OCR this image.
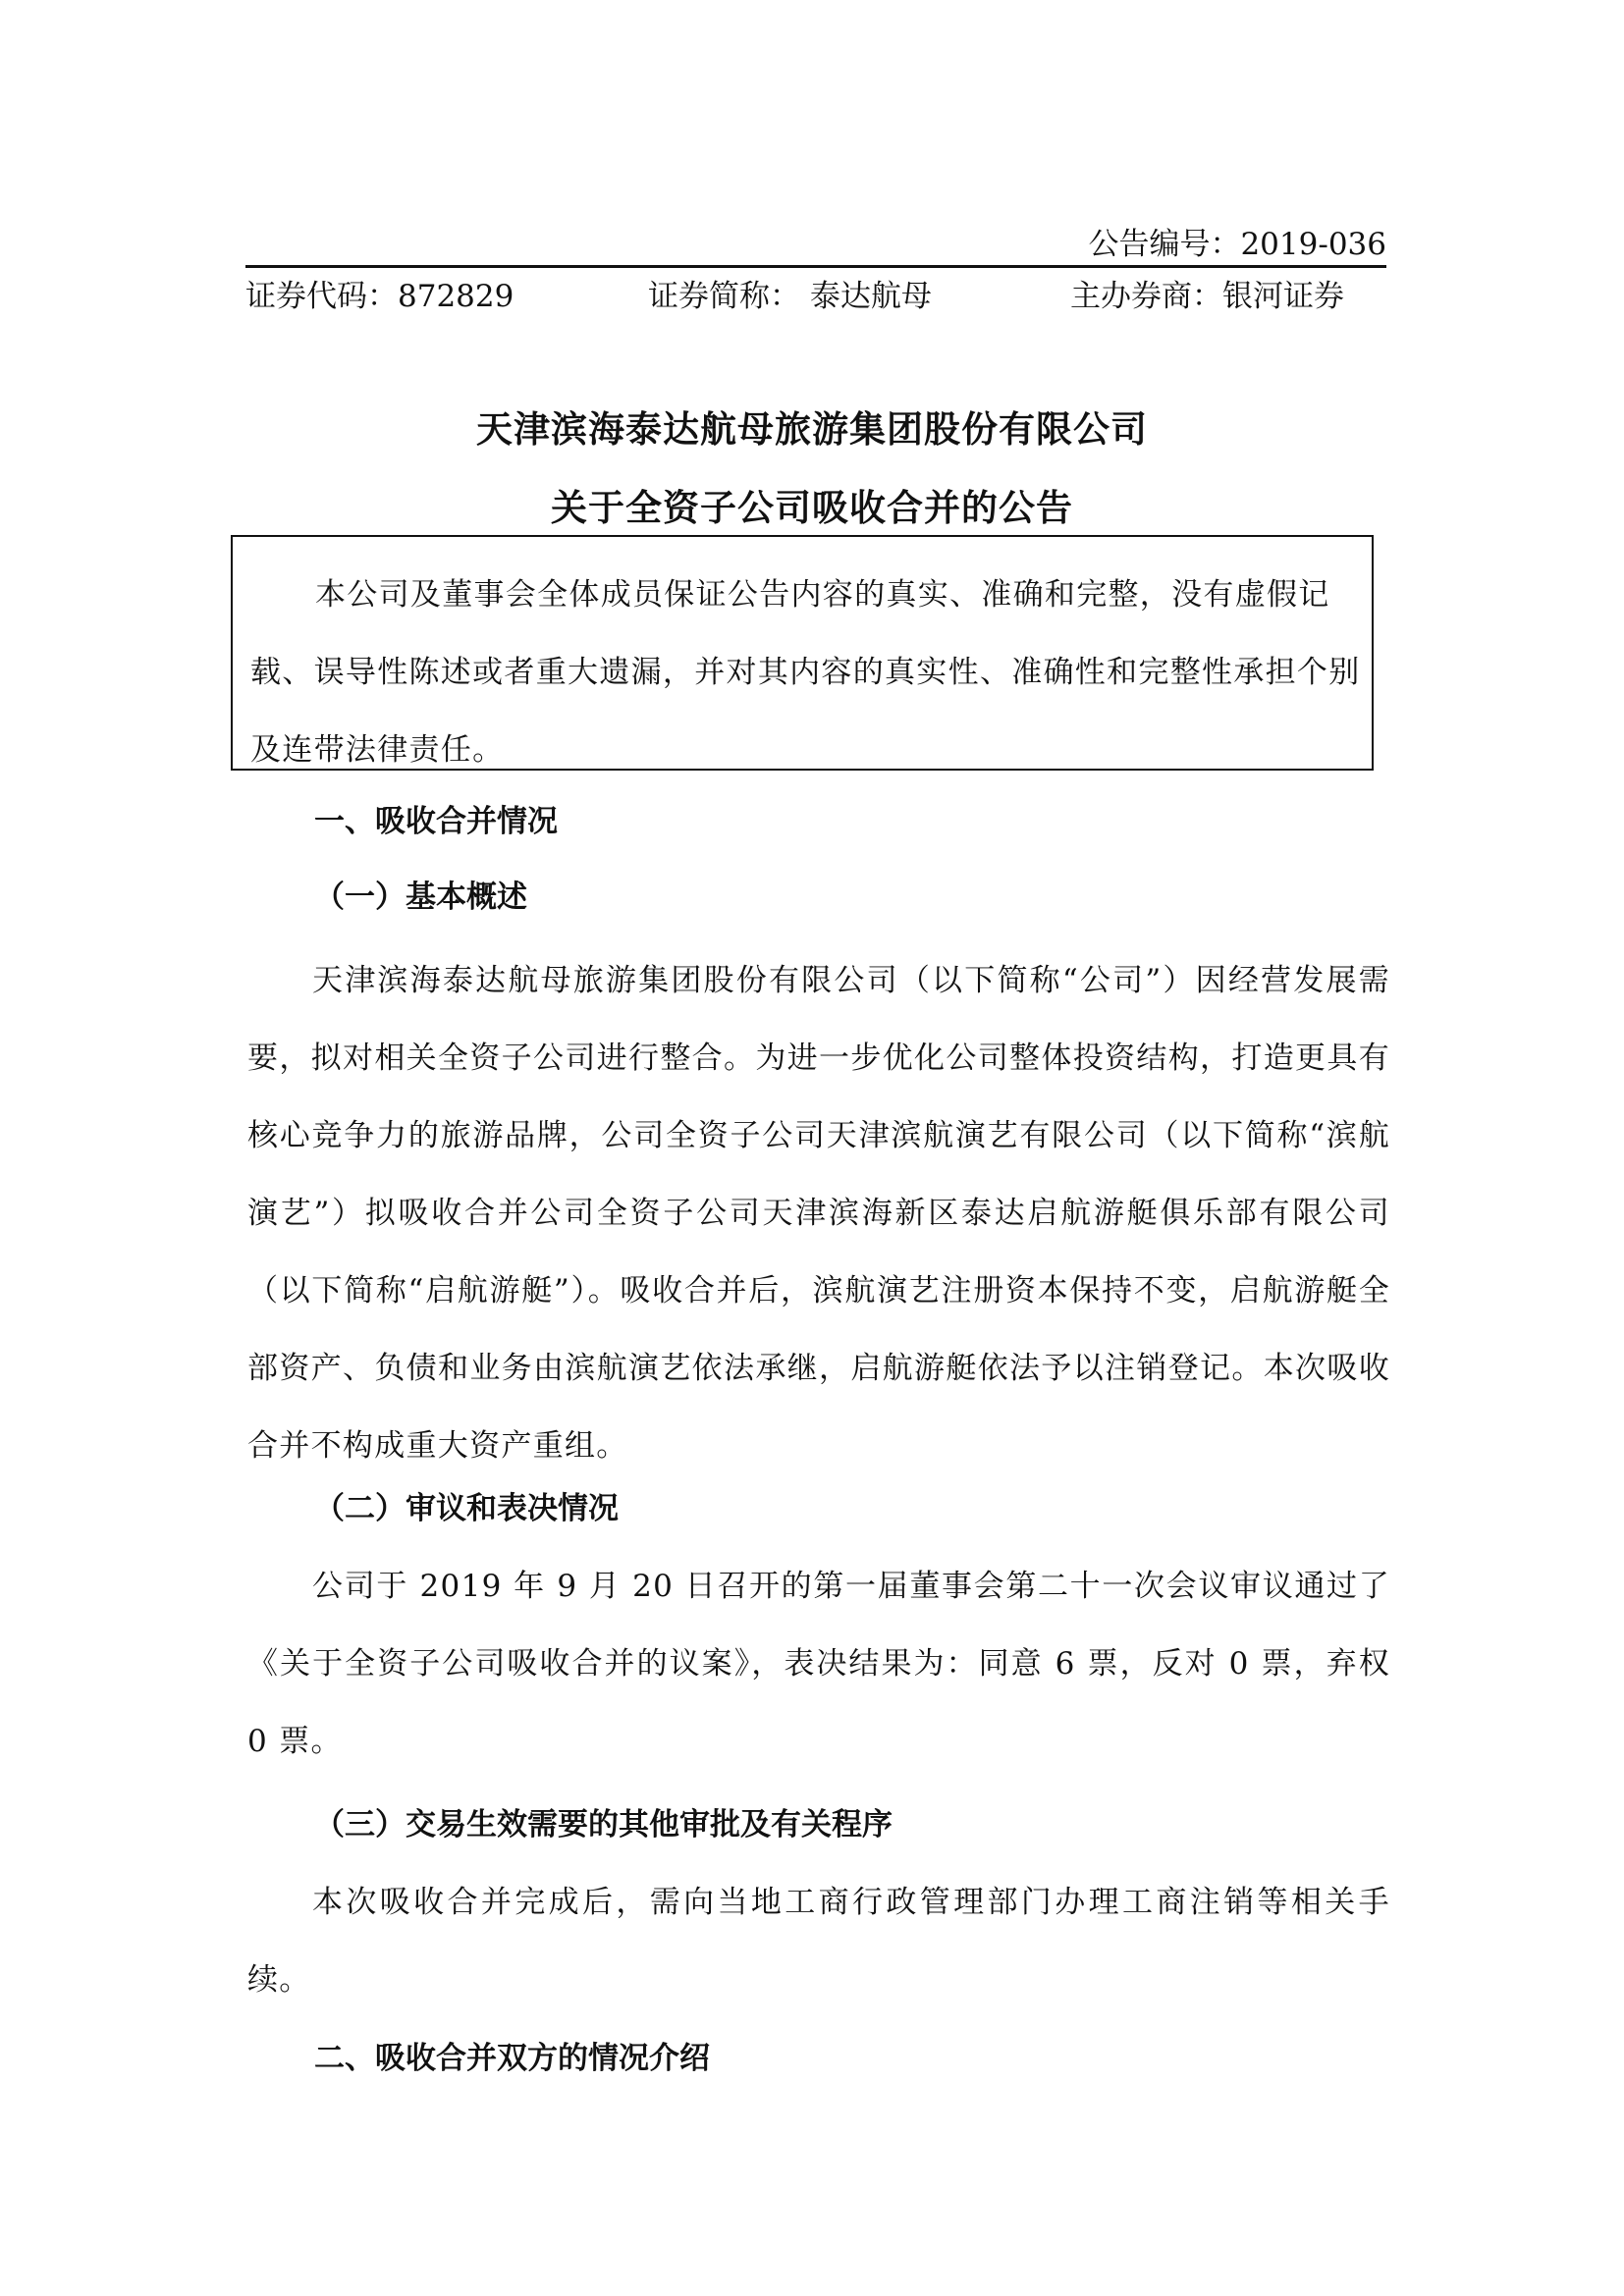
公告编号：2019-036
证券代码：872829	证券简称： 泰达航母	主办券商：银河证券
天津滨海泰达航母旅游集团股份有限公司
关于全资子公司吸收合并的公告

本公司及董事会全体成员保证公告内容的真实、准确和完整，没有虚假记载、误导性陈述或者重大遗漏，并对其内容的真实性、准确性和完整性承担个别及连带法律责任。

一、吸收合并情况
（一）基本概述

天津滨海泰达航母旅游集团股份有限公司（以下简称“公司”）因经营发展需要，拟对相关全资子公司进行整合。为进一步优化公司整体投资结构，打造更具有核心竞争力的旅游品牌，公司全资子公司天津滨航演艺有限公司（以下简称“滨航演艺”）拟吸收合并公司全资子公司天津滨海新区泰达启航游艇俱乐部有限公司（以下简称“启航游艇”）。吸收合并后，滨航演艺注册资本保持不变，启航游艇全部资产、负债和业务由滨航演艺依法承继，启航游艇依法予以注销登记。本次吸收合并不构成重大资产重组。

（二）审议和表决情况

公司于 2019 年 9 月 20 日召开的第一届董事会第二十一次会议审议通过了《关于全资子公司吸收合并的议案》，表决结果为：同意 6 票，反对 0 票，弃权 0 票。

（三）交易生效需要的其他审批及有关程序

本次吸收合并完成后，需向当地工商行政管理部门办理工商注销等相关手续。

二、吸收合并双方的情况介绍
